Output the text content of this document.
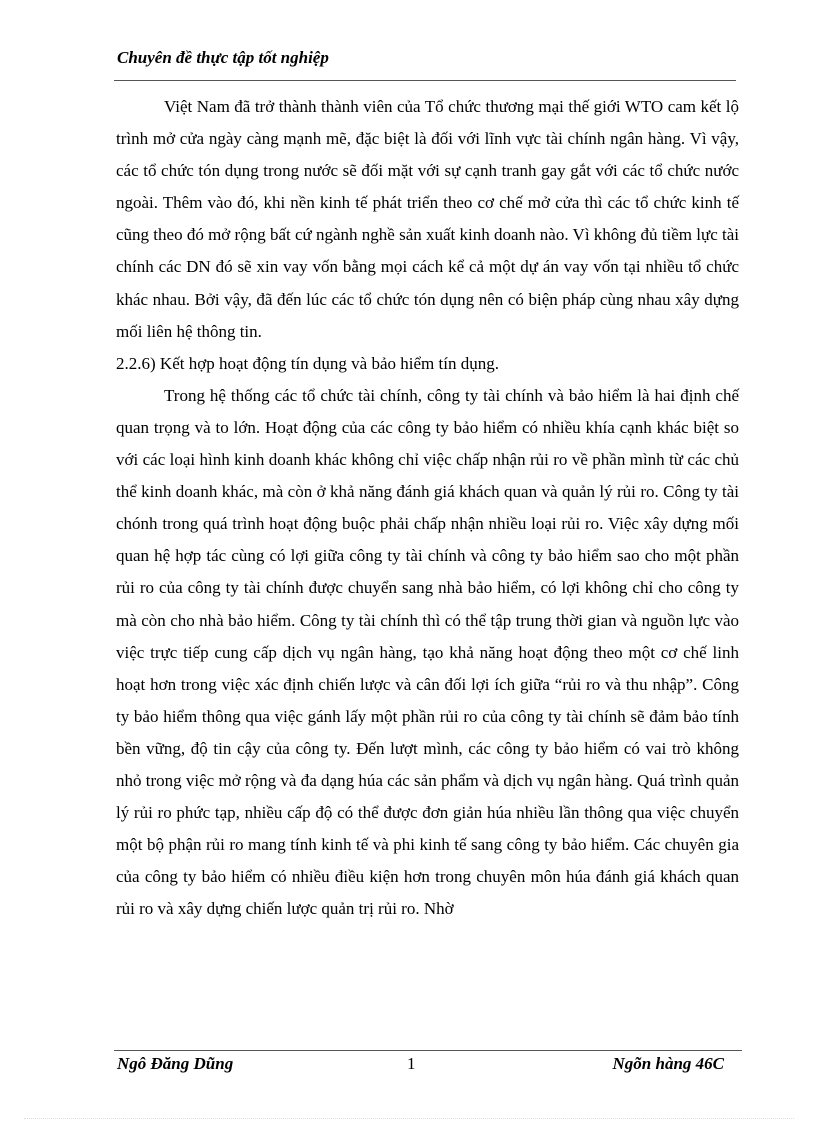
Chuyên đề thực tập tốt nghiệp

Việt Nam đã trở thành thành viên của Tổ chức thương mại thế giới WTO cam kết lộ trình mở cửa ngày càng mạnh mẽ, đặc biệt là đối với lĩnh vực tài chính ngân hàng. Vì vậy, các tổ chức tón dụng trong nước sẽ đối mặt với sự cạnh tranh gay gắt với các tổ chức nước ngoài. Thêm vào đó, khi nền kinh tế phát triển theo cơ chế mở cửa thì các tổ chức kinh tế cũng theo đó mở rộng bất cứ ngành nghề sản xuất kinh doanh nào. Vì không đủ tiềm lực tài chính các DN đó sẽ xin vay vốn bằng mọi cách kể cả một dự án vay vốn tại nhiều tổ chức khác nhau. Bởi vậy, đã đến lúc các tổ chức tón dụng nên có biện pháp cùng nhau xây dựng mối liên hệ thông tin.

2.2.6) Kết hợp hoạt động tín dụng và bảo hiểm tín dụng.

Trong hệ thống các tổ chức tài chính, công ty tài chính và bảo hiểm là hai định chế quan trọng và to lớn. Hoạt động của các công ty bảo hiểm có nhiều khía cạnh khác biệt so với các loại hình kinh doanh khác không chỉ việc chấp nhận rủi ro về phần mình từ các chủ thể kinh doanh khác, mà còn ở khả năng đánh giá khách quan và quản lý rủi ro. Công ty tài chónh trong quá trình hoạt động buộc phải chấp nhận nhiều loại rủi ro. Việc xây dựng mối quan hệ hợp tác cùng có lợi giữa công ty tài chính và công ty bảo hiểm sao cho một phần rủi ro của công ty tài chính được chuyển sang nhà bảo hiểm, có lợi không chỉ cho công ty mà còn cho nhà bảo hiểm. Công ty tài chính thì có thể tập trung thời gian và nguồn lực vào việc trực tiếp cung cấp dịch vụ ngân hàng, tạo khả năng hoạt động theo một cơ chế linh hoạt hơn trong việc xác định chiến lược và cân đối lợi ích giữa “rủi ro và thu nhập”. Công ty bảo hiểm thông qua việc gánh lấy một phần rủi ro của công ty tài chính sẽ đảm bảo tính bền vững, độ tin cậy của công ty. Đến lượt mình, các công ty bảo hiểm có vai trò không nhỏ trong việc mở rộng và đa dạng húa các sản phẩm và dịch vụ ngân hàng. Quá trình quản lý rủi ro phức tạp, nhiều cấp độ có thể được đơn giản húa nhiều lần thông qua việc chuyển một bộ phận rủi ro mang tính kinh tế và phi kinh tế sang công ty bảo hiểm. Các chuyên gia của công ty bảo hiểm có nhiều điều kiện hơn trong chuyên môn húa đánh giá khách quan rủi ro và xây dựng chiến lược quản trị rủi ro. Nhờ

Ngô Đăng Dũng	1	Ngõn hàng 46C
